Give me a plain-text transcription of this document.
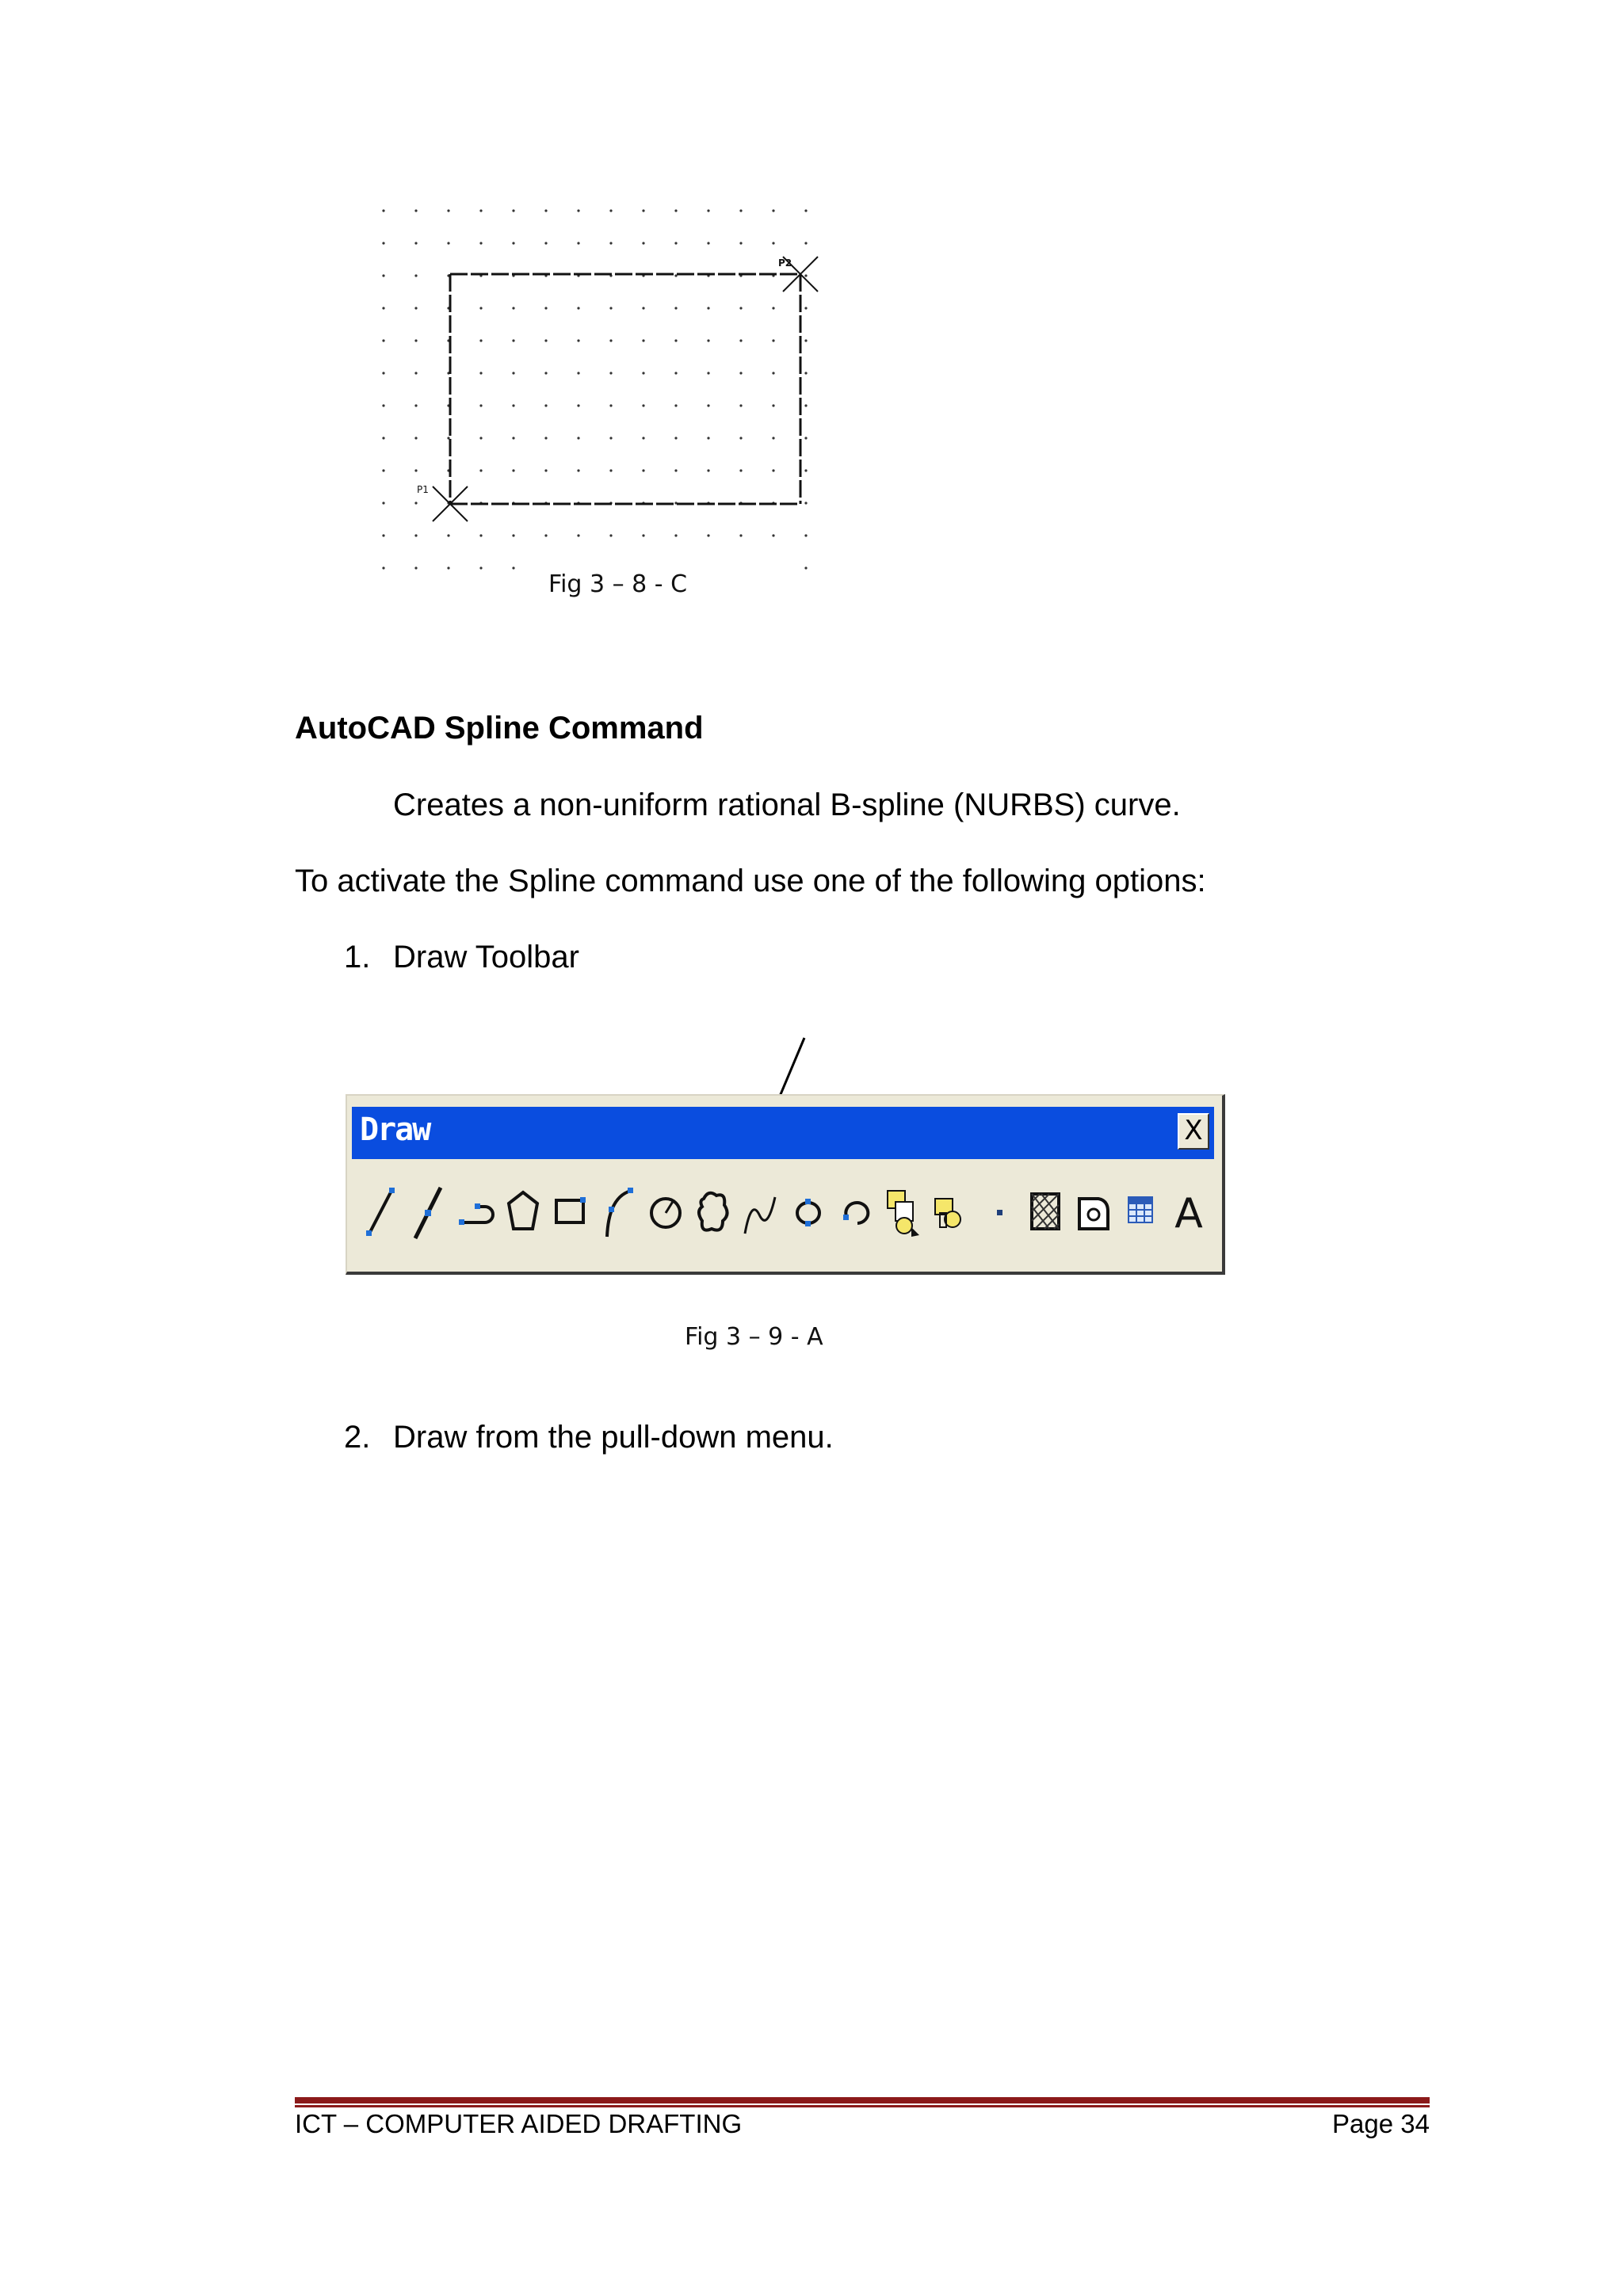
P2
P1
Fig 3 – 8 - C
AutoCAD Spline Command
Creates a non-uniform rational B-spline (NURBS) curve.
To activate the Spline command use one of the following options:
1. Draw Toolbar
Draw	X
A
Fig 3 – 9 - A
2. Draw from the pull-down menu.
ICT – COMPUTER AIDED DRAFTING	Page 34
